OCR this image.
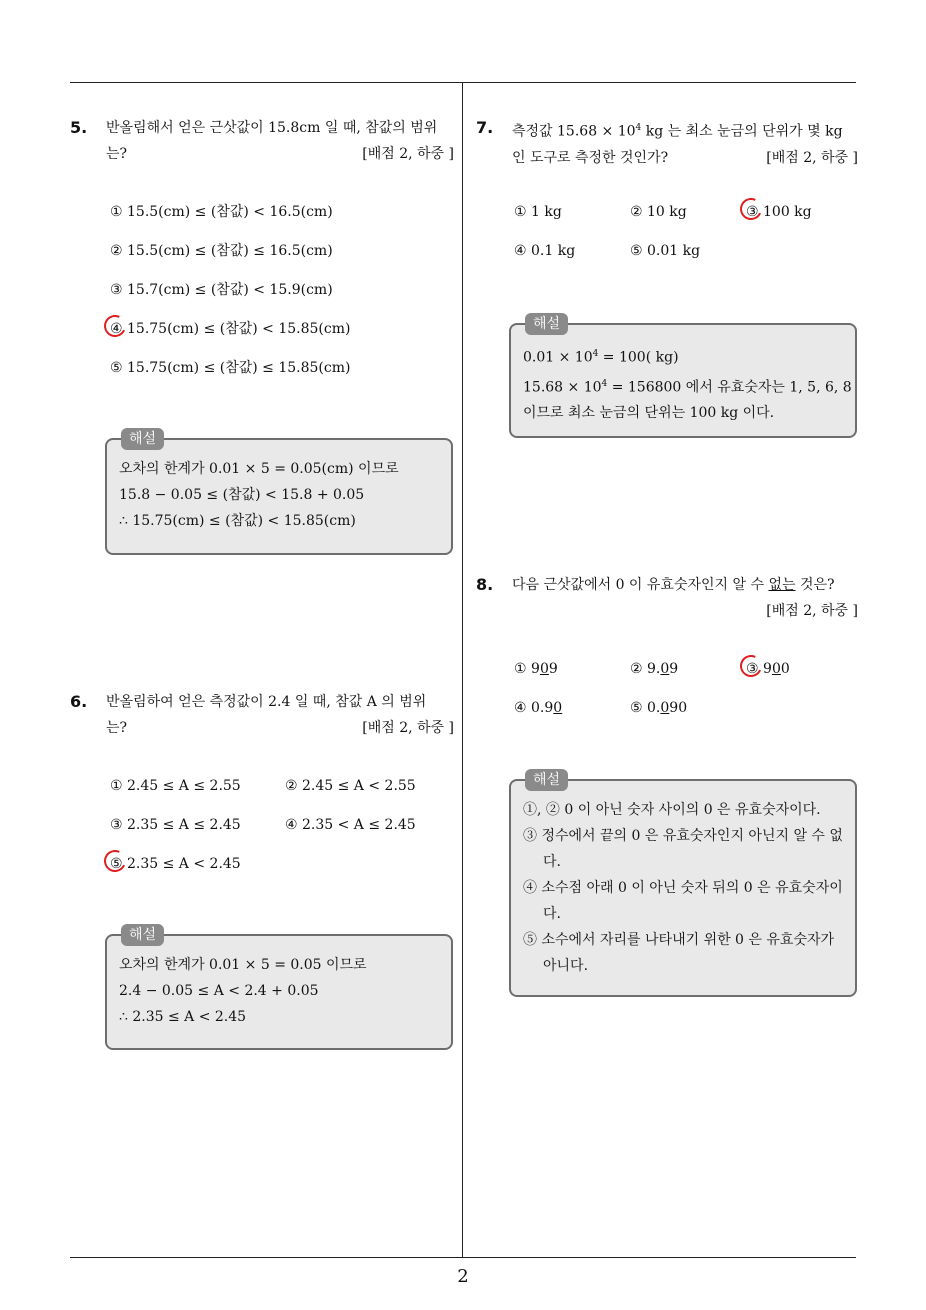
5. 반올림해서 얻은 근삿값이 15.8cm 일 때, 참값의 범위
는?	[배점 2, 하중 ]
① 15.5(cm) ≤ (참값) < 16.5(cm)
② 15.5(cm) ≤ (참값) ≤ 16.5(cm)
③ 15.7(cm) ≤ (참값) < 15.9(cm)
④ 15.75(cm) ≤ (참값) < 15.85(cm)
⑤ 15.75(cm) ≤ (참값) ≤ 15.85(cm)
해설
오차의 한계가 0.01 × 5 = 0.05(cm) 이므로
15.8 − 0.05 ≤ (참값) < 15.8 + 0.05
∴ 15.75(cm) ≤ (참값) < 15.85(cm)
6. 반올림하여 얻은 측정값이 2.4 일 때, 참값 A 의 범위
는?	[배점 2, 하중 ]
① 2.45 ≤ A ≤ 2.55	② 2.45 ≤ A < 2.55
③ 2.35 ≤ A ≤ 2.45	④ 2.35 < A ≤ 2.45
⑤ 2.35 ≤ A < 2.45
해설
오차의 한계가 0.01 × 5 = 0.05 이므로
2.4 − 0.05 ≤ A < 2.4 + 0.05
∴ 2.35 ≤ A < 2.45
7. 측정값 $15.68 \times 10^4$ kg 는 최소 눈금의 단위가 몇 kg
인 도구로 측정한 것인가?	[배점 2, 하중 ]
① 1 kg	② 10 kg	③ 100 kg
④ 0.1 kg	⑤ 0.01 kg
해설
$0.01 \times 10^4 = 100$( kg)
$15.68 \times 10^4 = 156800$ 에서 유효숫자는 1, 5, 6, 8
이므로 최소 눈금의 단위는 100 kg 이다.
8. 다음 근삿값에서 0 이 유효숫자인지 알 수 없는 것은?
[배점 2, 하중 ]
① 909	② 9.09	③ 900
④ 0.90	⑤ 0.090
해설
①, ② 0 이 아닌 숫자 사이의 0 은 유효숫자이다.
③ 정수에서 끝의 0 은 유효숫자인지 아닌지 알 수 없다.
④ 소수점 아래 0 이 아닌 숫자 뒤의 0 은 유효숫자이다.
⑤ 소수에서 자리를 나타내기 위한 0 은 유효숫자가 아니다.
2
